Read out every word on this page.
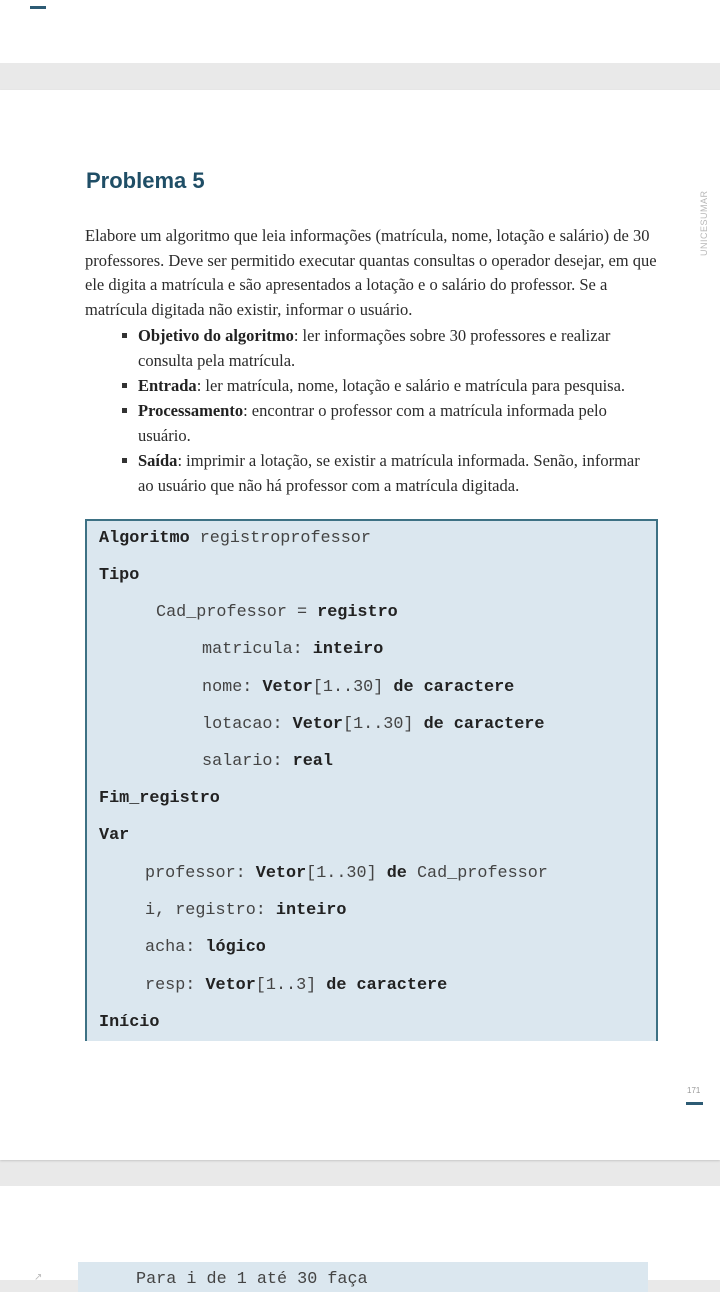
Problema 5
UNICESUMAR

Elabore um algoritmo que leia informações (matrícula, nome, lotação e salário) de 30 professores. Deve ser permitido executar quantas consultas o operador desejar, em que ele digita a matrícula e são apresentados a lotação e o salário do professor. Se a matrícula digitada não existir, informar o usuário.

Objetivo do algoritmo: ler informações sobre 30 professores e realizar consulta pela matrícula.
Entrada: ler matrícula, nome, lotação e salário e matrícula para pesquisa.
Processamento: encontrar o professor com a matrícula informada pelo usuário.
Saída: imprimir a lotação, se existir a matrícula informada. Senão, informar ao usuário que não há professor com a matrícula digitada.
Algoritmo registroprofessor
Tipo
Cad_professor = registro
matricula: inteiro
nome: Vetor[1..30] de caractere
lotacao: Vetor[1..30] de caractere
salario: real
Fim_registro
Var
professor: Vetor[1..30] de Cad_professor
i, registro: inteiro
acha: lógico
resp: Vetor[1..3] de caractere
Início
171
↗	Para i de 1 até 30 faça
